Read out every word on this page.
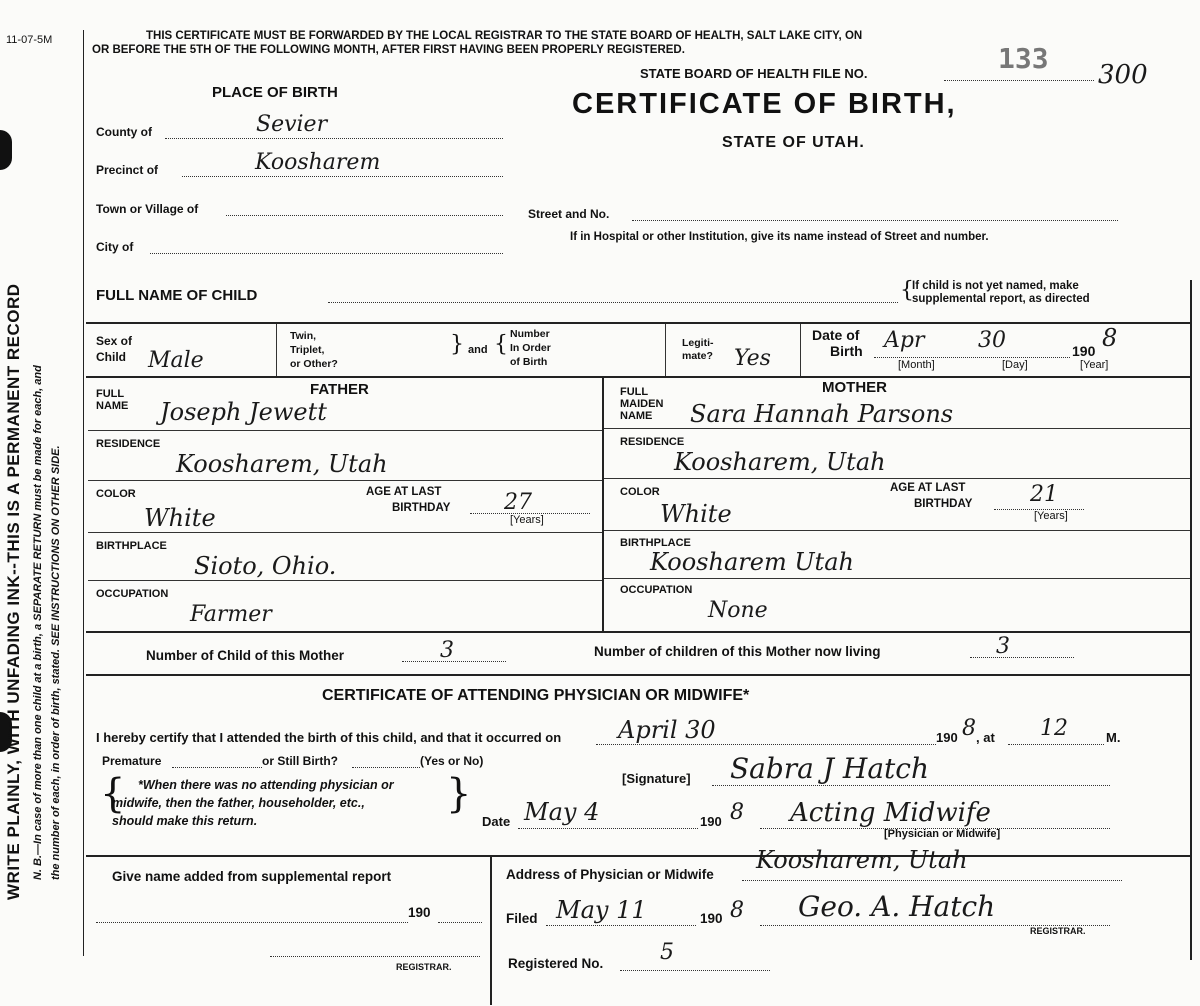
11-07-5M
WRITE PLAINLY, WITH UNFADING INK--THIS IS A PERMANENT RECORD N. B.—In case of more than one child at a birth, a SEPARATE RETURN must be made for each, and the number of each, in order of birth, stated. SEE INSTRUCTIONS ON OTHER SIDE.
THIS CERTIFICATE MUST BE FORWARDED BY THE LOCAL REGISTRAR TO THE STATE BOARD OF HEALTH, SALT LAKE CITY, ON
OR BEFORE THE 5TH OF THE FOLLOWING MONTH, AFTER FIRST HAVING BEEN PROPERLY REGISTERED.
STATE BOARD OF HEALTH FILE NO.	133 300
CERTIFICATE OF BIRTH,
STATE OF UTAH.
PLACE OF BIRTH
County of	Sevier
Precinct of	Koosharem
Town or Village of
City of
Street and No.
If in Hospital or other Institution, give its name instead of Street and number.
FULL NAME OF CHILD	{
If child is not yet named, make
supplemental report, as directed
Sex of
Child Male
Twin,
Triplet,
or Other?
} and { Number
In Order
of Birth
Legiti-
mate? Yes
Date of
Birth Apr 30	190 8
[Month]	[Day]	[Year]
FULL
NAME
FATHER
Joseph Jewett
RESIDENCE
Koosharem, Utah
COLOR
White
AGE AT LAST
BIRTHDAY 27
[Years]
BIRTHPLACE
Sioto, Ohio.
OCCUPATION
Farmer
FULL
MAIDEN
NAME
MOTHER
Sara Hannah Parsons
RESIDENCE
Koosharem, Utah
COLOR
White
AGE AT LAST
BIRTHDAY	21
[Years]
BIRTHPLACE
Koosharem Utah
OCCUPATION
None
Number of Child of this Mother	3	Number of children of this Mother now living	3
CERTIFICATE OF ATTENDING PHYSICIAN OR MIDWIFE*
I hereby certify that I attended the birth of this child, and that it occurred on April 30	190 8 , at 12	M.
Premature	or Still Birth?	(Yes or No)
{ *When there was no attending physician or
midwife, then the father, householder, etc.,
should make this return.
}	[Signature] Sabra J Hatch
Date May 4	190 8 Acting Midwife
[Physician or Midwife]
Give name added from supplemental report
190
REGISTRAR.
Address of Physician or Midwife
Koosharem, Utah
Filed May 11	190 8 Geo. A. Hatch
REGISTRAR.
Registered No.	5
